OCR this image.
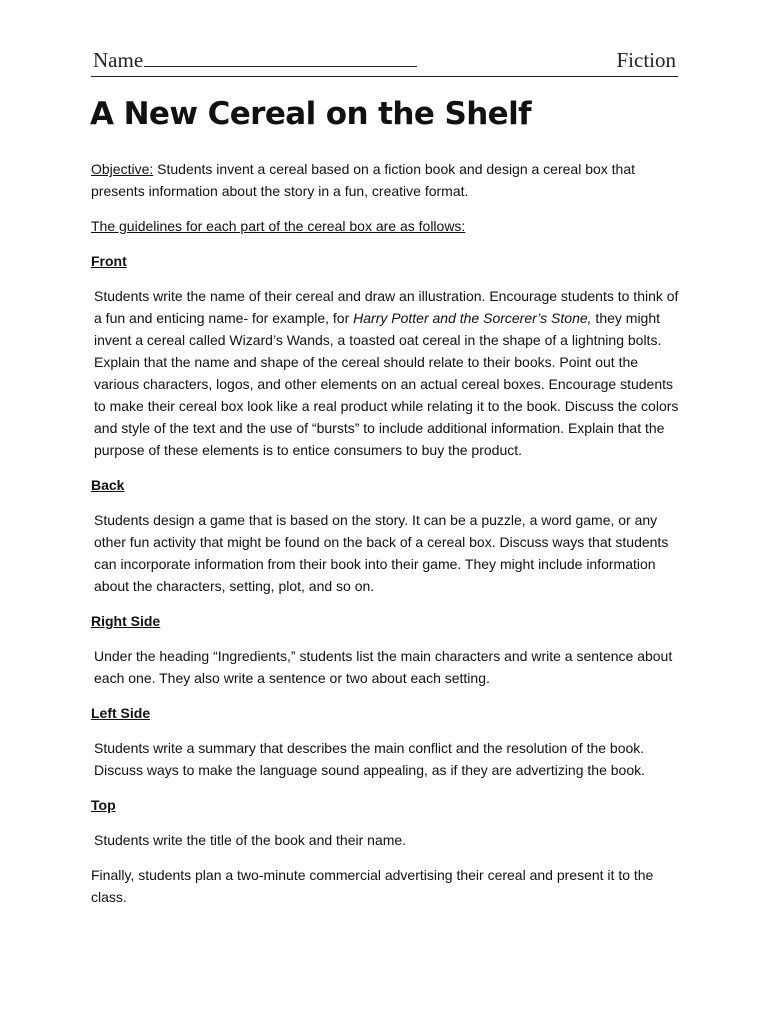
Name	Fiction
A New Cereal on the Shelf

Objective: Students invent a cereal based on a fiction book and design a cereal box that presents information about the story in a fun, creative format.

The guidelines for each part of the cereal box are as follows:

Front

Students write the name of their cereal and draw an illustration. Encourage students to think of a fun and enticing name- for example, for Harry Potter and the Sorcerer’s Stone, they might invent a cereal called Wizard’s Wands, a toasted oat cereal in the shape of a lightning bolts. Explain that the name and shape of the cereal should relate to their books. Point out the various characters, logos, and other elements on an actual cereal boxes. Encourage students to make their cereal box look like a real product while relating it to the book. Discuss the colors and style of the text and the use of “bursts” to include additional information. Explain that the purpose of these elements is to entice consumers to buy the product.

Back

Students design a game that is based on the story. It can be a puzzle, a word game, or any other fun activity that might be found on the back of a cereal box. Discuss ways that students can incorporate information from their book into their game. They might include information about the characters, setting, plot, and so on.

Right Side

Under the heading “Ingredients,” students list the main characters and write a sentence about each one. They also write a sentence or two about each setting.

Left Side

Students write a summary that describes the main conflict and the resolution of the book. Discuss ways to make the language sound appealing, as if they are advertizing the book.

Top

Students write the title of the book and their name.

Finally, students plan a two-minute commercial advertising their cereal and present it to the class.
